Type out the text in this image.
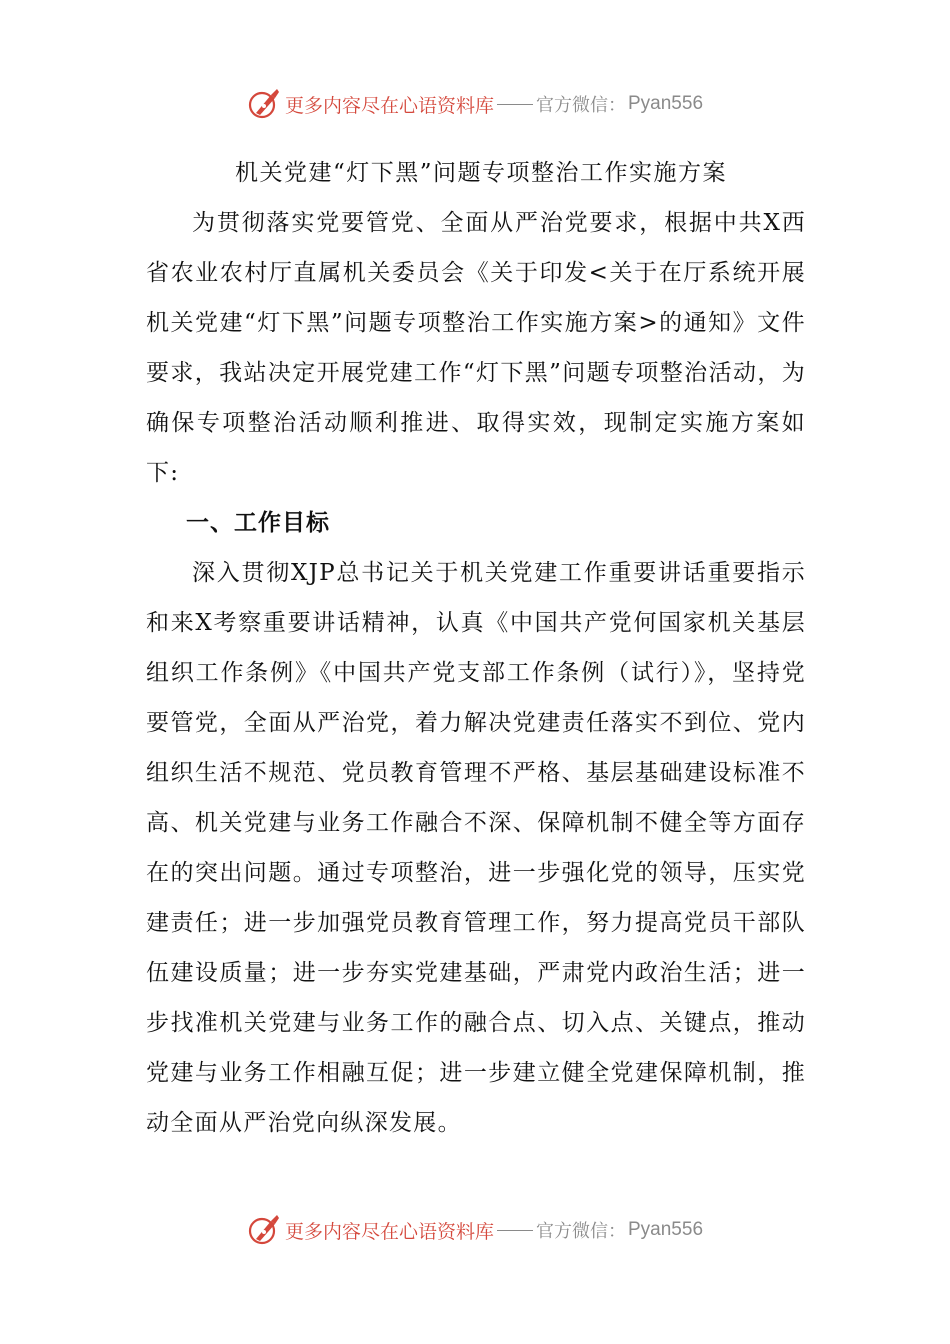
更多内容尽在心语资料库 官方微信： Pyan556
机关党建“灯下黑”问题专项整治工作实施方案

为贯彻落实党要管党、全面从严治党要求，根据中共X西省农业农村厅直属机关委员会《关于印发<关于在厅系统开展机关党建“灯下黑”问题专项整治工作实施方案>的通知》文件要求，我站决定开展党建工作“灯下黑”问题专项整治活动，为确保专项整治活动顺利推进、取得实效，现制定实施方案如下:

一、工作目标

深入贯彻XJP总书记关于机关党建工作重要讲话重要指示和来X考察重要讲话精神，认真《中国共产党何国家机关基层组织工作条例》《中国共产党支部工作条例（试行）》，坚持党要管党，全面从严治党，着力解决党建责任落实不到位、党内组织生活不规范、党员教育管理不严格、基层基础建设标准不高、机关党建与业务工作融合不深、保障机制不健全等方面存在的突出问题。通过专项整治，进一步强化党的领导，压实党建责任；进一步加强党员教育管理工作，努力提高党员干部队伍建设质量；进一步夯实党建基础，严肃党内政治生活；进一步找准机关党建与业务工作的融合点、切入点、关键点，推动党建与业务工作相融互促；进一步建立健全党建保障机制，推动全面从严治党向纵深发展。

更多内容尽在心语资料库 官方微信： Pyan556
